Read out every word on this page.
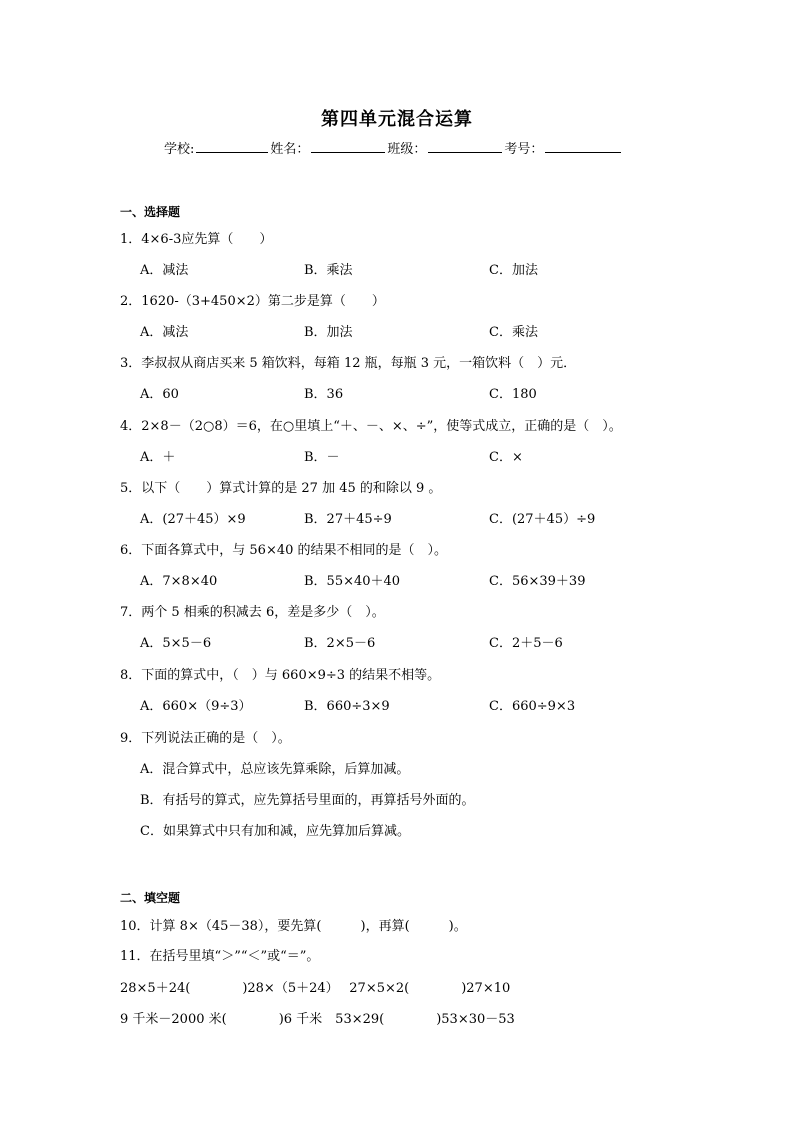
第四单元混合运算
学校:	姓名：	班级：	考号：
一、选择题
1．4×6-3应先算（　　）
A．减法	B．乘法	C．加法
2．1620-（3+450×2）第二步是算（　　）
A．减法	B．加法	C．乘法
3．李叔叔从商店买来 5 箱饮料，每箱 12 瓶，每瓶 3 元，一箱饮料（　）元．
A．60	B．36	C．180
4．2×8－（2○8）＝6，在○里填上“＋、－、×、÷”，使等式成立，正确的是（　）。
A．＋	B．－	C．×
5．以下（　　）算式计算的是 27 加 45 的和除以 9 。
A．(27＋45）×9	B．27＋45÷9	C．(27＋45）÷9
6．下面各算式中，与 56×40 的结果不相同的是（　）。
A．7×8×40	B．55×40＋40	C．56×39＋39
7．两个 5 相乘的积减去 6，差是多少（　）。
A．5×5－6	B．2×5－6	C．2＋5－6
8．下面的算式中，（　）与 660×9÷3 的结果不相等。
A．660×（9÷3）	B．660÷3×9	C．660÷9×3
9．下列说法正确的是（　）。
A．混合算式中，总应该先算乘除，后算加减。
B．有括号的算式，应先算括号里面的，再算括号外面的。
C．如果算式中只有加和减，应先算加后算减。
二、填空题
10．计算 8×（45－38），要先算(　　　)，再算(　　　)。
11．在括号里填“＞”“＜”或“＝”。
28×5＋24(　　　　)28×（5＋24）　 27×5×2(　　　　)27×10
9 千米－2000 米(　　　　)6 千米　53×29(　　　　)53×30－53
